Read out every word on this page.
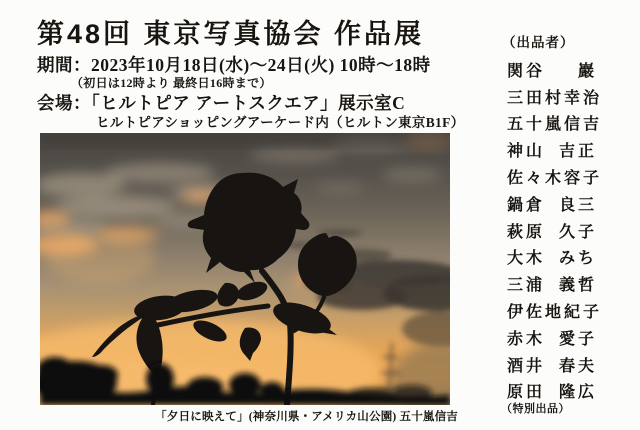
第48回 東京写真協会 作品展
期間：2023年10月18日(水)～24日(火) 10時～18時
（初日は12時より 最終日16時まで）
会場：「ヒルトピア アートスクエア」展示室C
ヒルトピアショッピングアーケード内（ヒルトン東京B1F）
「夕日に映えて」(神奈川県・アメリカ山公園) 五十嵐信吉
（出品者）
関谷 巖
三田村 幸治
五十嵐 信吉
神山 吉正
佐々木 容子
鍋倉 良三
萩原 久子
大木 みち
三浦 義哲
伊佐地 紀子
赤木 愛子
酒井 春夫
原田 隆広
（特別出品）
